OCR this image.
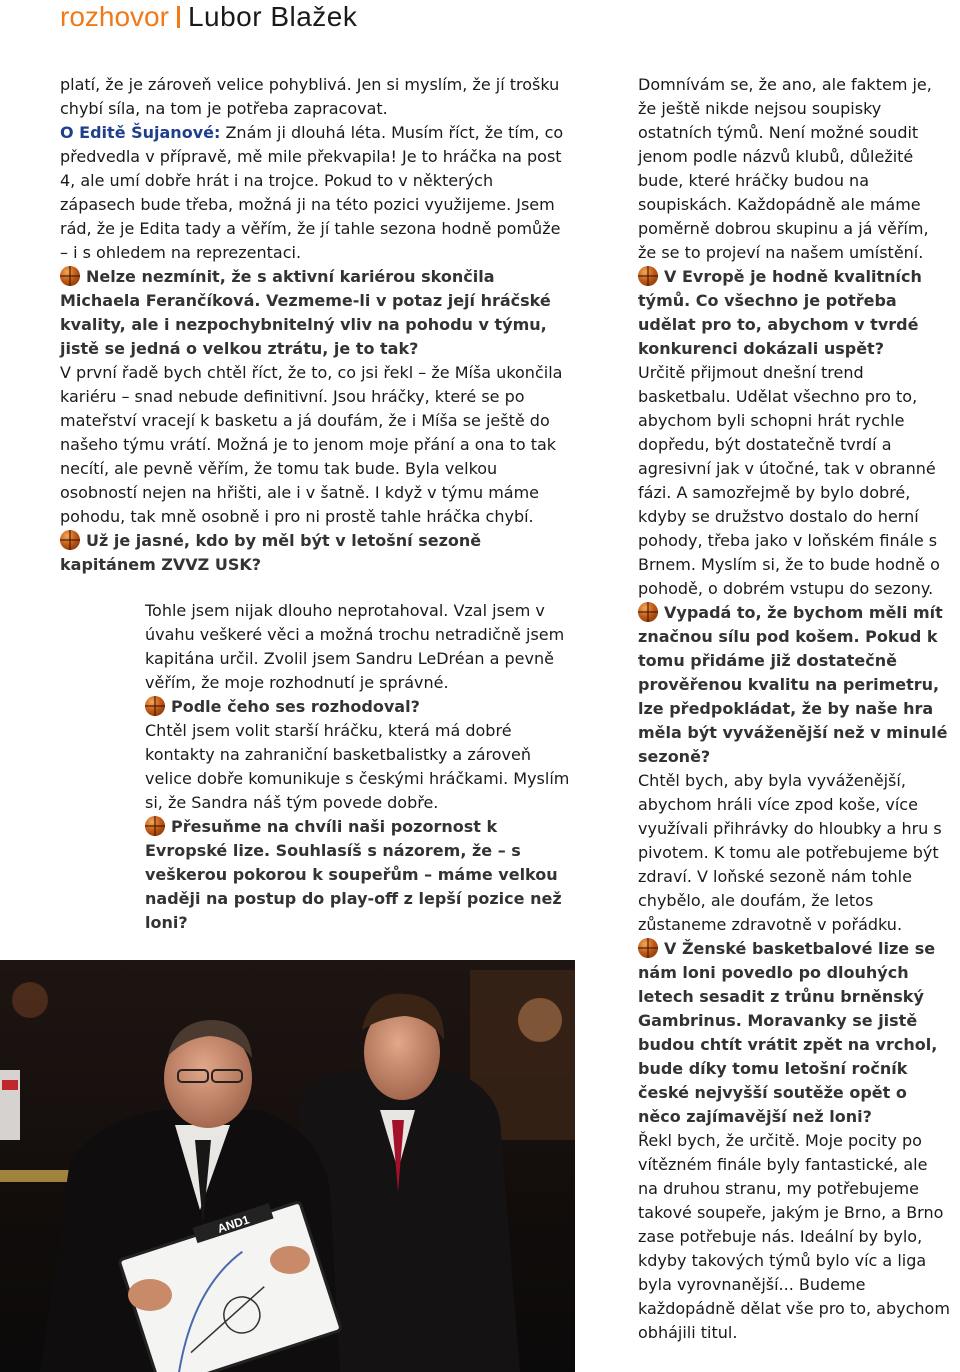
rozhovor Lubor Blažek

platí, že je zároveň velice pohyblivá. Jen si myslím, že jí trošku chybí síla, na tom je potřeba zapracovat.

O Editě Šujanové: Znám ji dlouhá léta. Musím říct, že tím, co předvedla v přípravě, mě mile překvapila! Je to hráčka na post 4, ale umí dobře hrát i na trojce. Pokud to v některých zápasech bude třeba, možná ji na této pozici využijeme. Jsem rád, že je Edita tady a věřím, že jí tahle sezona hodně pomůže – i s ohledem na reprezentaci.

Nelze nezmínit, že s aktivní kariérou skončila Michaela Ferančíková. Vezmeme-li v potaz její hráčské kvality, ale i nezpochybnitelný vliv na pohodu v týmu, jistě se jedná o velkou ztrátu, je to tak?

V první řadě bych chtěl říct, že to, co jsi řekl – že Míša ukončila kariéru – snad nebude definitivní. Jsou hráčky, které se po mateřství vracejí k basketu a já doufám, že i Míša se ještě do našeho týmu vrátí. Možná je to jenom moje přání a ona to tak necítí, ale pevně věřím, že tomu tak bude. Byla velkou osobností nejen na hřišti, ale i v šatně. I když v týmu máme pohodu, tak mně osobně i pro ni prostě tahle hráčka chybí.

Už je jasné, kdo by měl být v letošní sezoně kapitánem ZVVZ USK?

Tohle jsem nijak dlouho neprotahoval. Vzal jsem v úvahu veškeré věci a možná trochu netradičně jsem kapitána určil. Zvolil jsem Sandru LeDréan a pevně věřím, že moje rozhodnutí je správné.

Podle čeho ses rozhodoval?

Chtěl jsem volit starší hráčku, která má dobré kontakty na zahraniční basketbalistky a zároveň velice dobře komunikuje s českými hráčkami. Myslím si, že Sandra náš tým povede dobře.

Přesuňme na chvíli naši pozornost k Evropské lize. Souhlasíš s názorem, že – s veškerou pokorou k soupeřům – máme velkou naději na postup do play-off z lepší pozice než loni?

Domnívám se, že ano, ale faktem je, že ještě nikde nejsou soupisky ostatních týmů. Není možné soudit jenom podle názvů klubů, důležité bude, které hráčky budou na soupiskách. Každopádně ale máme poměrně dobrou skupinu a já věřím, že se to projeví na našem umístění.

V Evropě je hodně kvalitních týmů. Co všechno je potřeba udělat pro to, abychom v tvrdé konkurenci dokázali uspět?

Určitě přijmout dnešní trend basketbalu. Udělat všechno pro to, abychom byli schopni hrát rychle dopředu, být dostatečně tvrdí a agresivní jak v útočné, tak v obranné fázi. A samozřejmě by bylo dobré, kdyby se družstvo dostalo do herní pohody, třeba jako v loňském finále s Brnem. Myslím si, že to bude hodně o pohodě, o dobrém vstupu do sezony.

Vypadá to, že bychom měli mít značnou sílu pod košem. Pokud k tomu přidáme již dostatečně prověřenou kvalitu na perimetru, lze předpokládat, že by naše hra měla být vyváženější než v minulé sezoně?

Chtěl bych, aby byla vyváženější, abychom hráli více zpod koše, více využívali přihrávky do hloubky a hru s pivotem. K tomu ale potřebujeme být zdraví. V loňské sezoně nám tohle chybělo, ale doufám, že letos zůstaneme zdravotně v pořádku.

V Ženské basketbalové lize se nám loni povedlo po dlouhých letech sesadit z trůnu brněnský Gambrinus. Moravanky se jistě budou chtít vrátit zpět na vrchol, bude díky tomu letošní ročník české nejvyšší soutěže opět o něco zajímavější než loni?

Řekl bych, že určitě. Moje pocity po vítězném finále byly fantastické, ale na druhou stranu, my potřebujeme takové soupeře, jakým je Brno, a Brno zase potřebuje nás. Ideální by bylo, kdyby takových týmů bylo víc a liga byla vyrovnanější... Budeme každopádně dělat vše pro to, abychom obhájili titul.

AND1
